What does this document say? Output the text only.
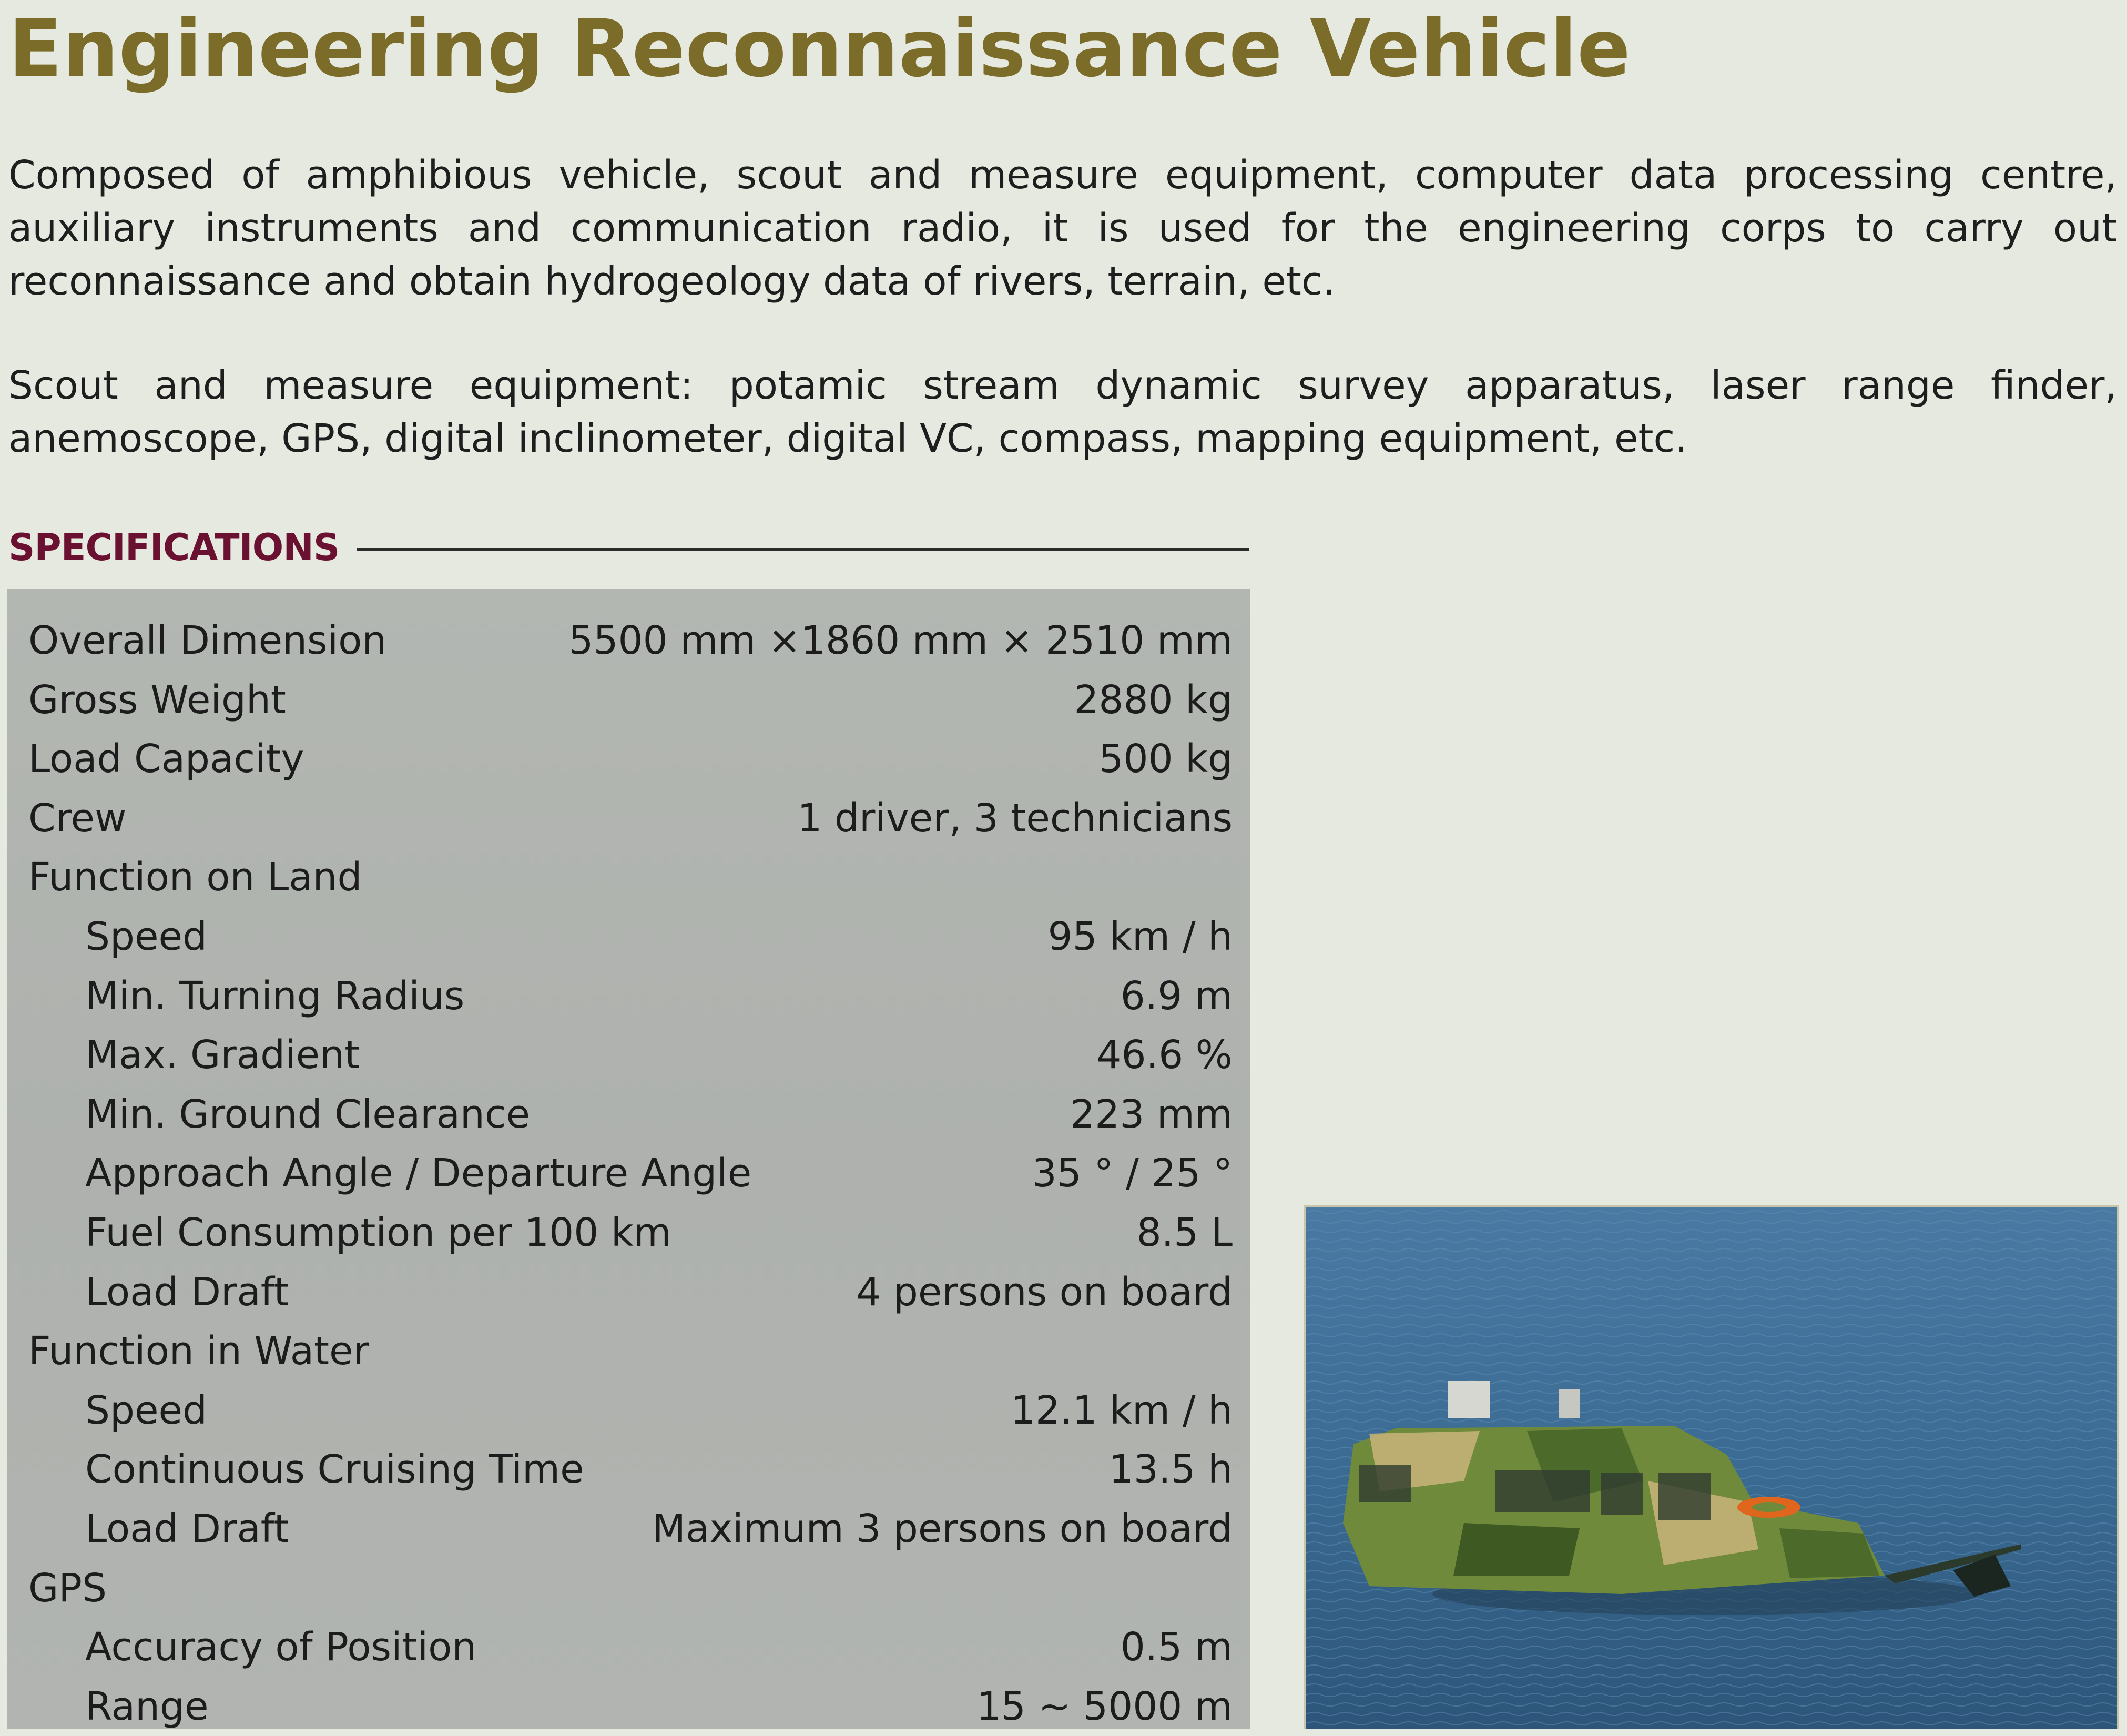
Engineering Reconnaissance Vehicle

Composed of amphibious vehicle, scout and measure equipment, computer data processing centre, auxiliary instruments and communication radio, it is used for the engineering corps to carry out reconnaissance and obtain hydrogeology data of rivers, terrain, etc.

Scout and measure equipment: potamic stream dynamic survey apparatus, laser range finder, anemoscope, GPS, digital inclinometer, digital VC, compass, mapping equipment, etc.

SPECIFICATIONS
Overall Dimension	5500 mm ×1860 mm × 2510 mm
Gross Weight	2880 kg
Load Capacity	500 kg
Crew	1 driver, 3 technicians
Function on Land
Speed	95 km / h
Min. Turning Radius	6.9 m
Max. Gradient	46.6 %
Min. Ground Clearance	223 mm
Approach Angle / Departure Angle	35 ° / 25 °
Fuel Consumption per 100 km	8.5 L
Load Draft	4 persons on board
Function in Water
Speed	12.1 km / h
Continuous Cruising Time	13.5 h
Load Draft	Maximum 3 persons on board
GPS
Accuracy of Position	0.5 m
Range	15 ~ 5000 m
